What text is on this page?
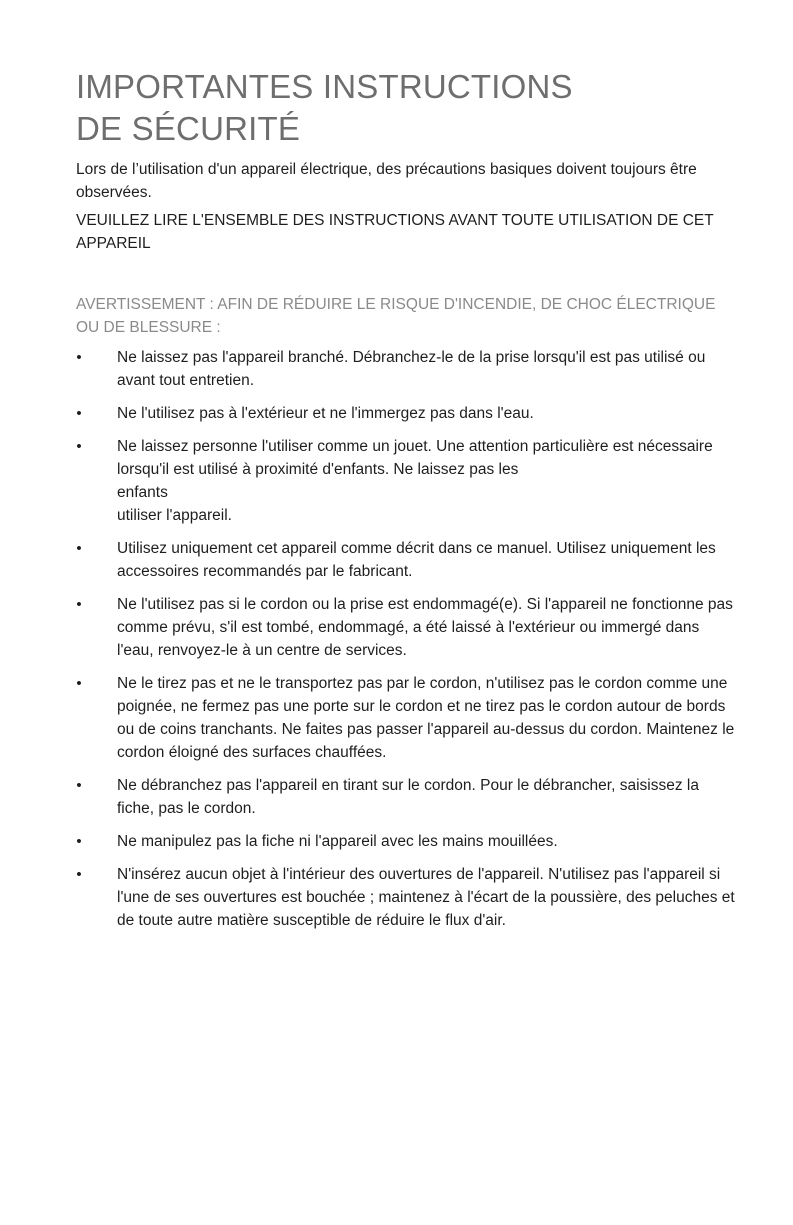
IMPORTANTES INSTRUCTIONS
DE SÉCURITÉ

Lors de l’utilisation d'un appareil électrique, des précautions basiques doivent toujours être observées.

VEUILLEZ LIRE L'ENSEMBLE DES INSTRUCTIONS AVANT TOUTE UTILISATION DE CET APPAREIL

AVERTISSEMENT : AFIN DE RÉDUIRE LE RISQUE D'INCENDIE, DE CHOC ÉLECTRIQUE OU DE BLESSURE :

•	Ne laissez pas l'appareil branché. Débranchez-le de la prise lorsqu'il est pas utilisé ou avant tout entretien.
•	Ne l'utilisez pas à l'extérieur et ne l'immergez pas dans l'eau.
•	Ne laissez personne l'utiliser comme un jouet. Une attention particulière est nécessaire lorsqu'il est utilisé à proximité d'enfants. Ne laissez pas les
enfants
utiliser l'appareil.
•	Utilisez uniquement cet appareil comme décrit dans ce manuel. Utilisez uniquement les accessoires recommandés par le fabricant.
•	Ne l'utilisez pas si le cordon ou la prise est endommagé(e). Si l'appareil ne fonctionne pas comme prévu, s'il est tombé, endommagé, a été laissé à l'extérieur ou immergé dans l'eau, renvoyez-le à un centre de services.
•	Ne le tirez pas et ne le transportez pas par le cordon, n'utilisez pas le cordon comme une poignée, ne fermez pas une porte sur le cordon et ne tirez pas le cordon autour de bords ou de coins tranchants. Ne faites pas passer l'appareil au-dessus du cordon. Maintenez le cordon éloigné des surfaces chauffées.
•	Ne débranchez pas l'appareil en tirant sur le cordon. Pour le débrancher, saisissez la fiche, pas le cordon.
•	Ne manipulez pas la fiche ni l'appareil avec les mains mouillées.
•	N'insérez aucun objet à l'intérieur des ouvertures de l'appareil. N'utilisez pas l'appareil si l'une de ses ouvertures est bouchée ; maintenez à l'écart de la poussière, des peluches et de toute autre matière susceptible de réduire le flux d'air.
